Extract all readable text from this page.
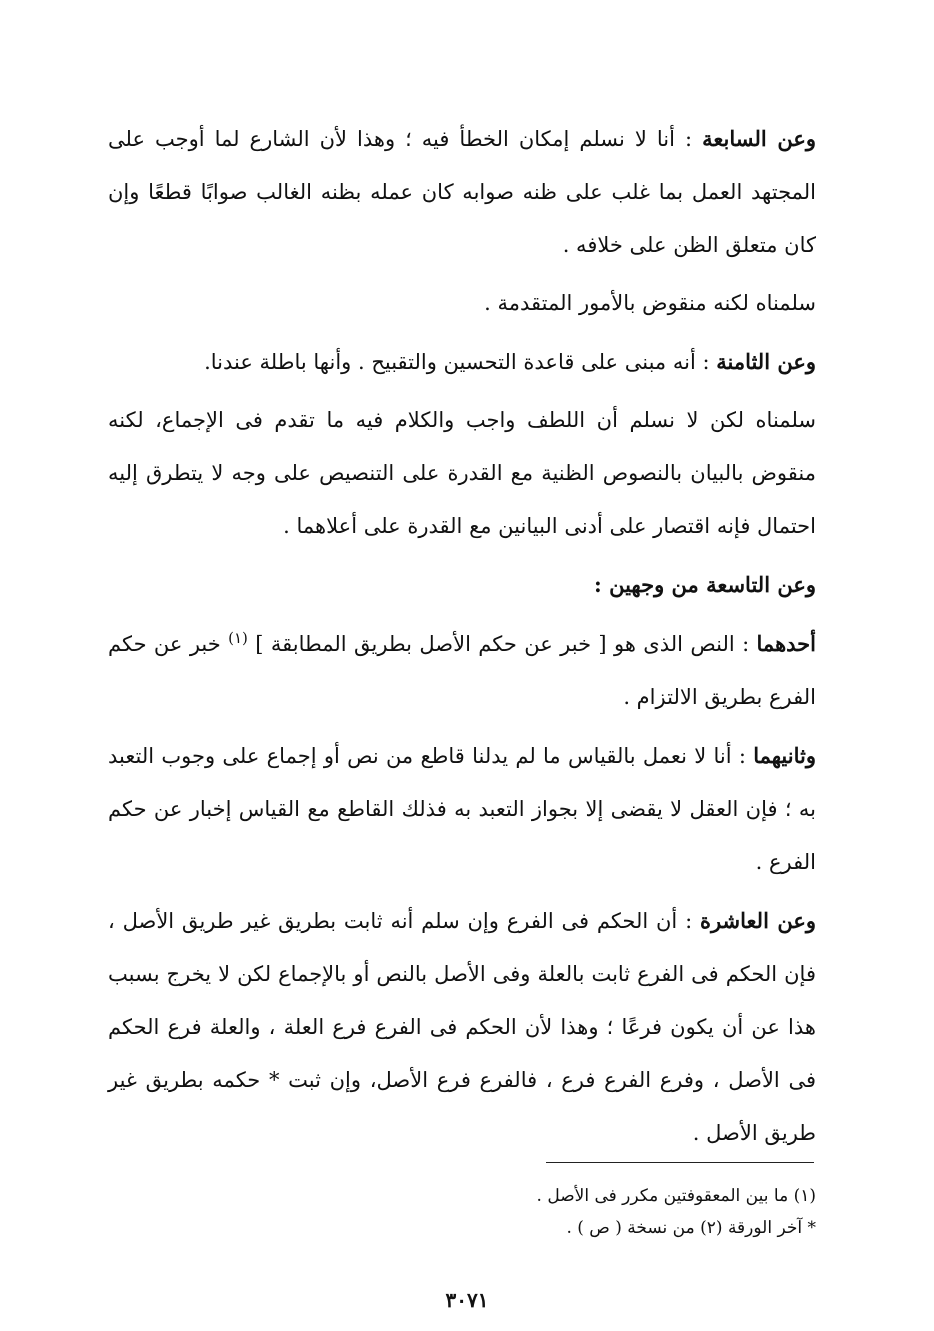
وعن السابعة : أنا لا نسلم إمكان الخطأ فيه ؛ وهذا لأن الشارع لما أوجب على المجتهد العمل بما غلب على ظنه صوابه كان عمله بظنه الغالب صوابًا قطعًا وإن كان متعلق الظن على خلافه .

سلمناه لكنه منقوض بالأمور المتقدمة .

وعن الثامنة : أنه مبنى على قاعدة التحسين والتقبيح . وأنها باطلة عندنا.

سلمناه لكن لا نسلم أن اللطف واجب والكلام فيه ما تقدم فى الإجماع، لكنه منقوض بالبيان بالنصوص الظنية مع القدرة على التنصيص على وجه لا يتطرق إليه احتمال فإنه اقتصار على أدنى البيانين مع القدرة على أعلاهما .

وعن التاسعة من وجهين :

أحدهما : النص الذى هو [ خبر عن حكم الأصل بطريق المطابقة ] $^{(١)}$ خبر عن حكم الفرع بطريق الالتزام .

وثانيهما : أنا لا نعمل بالقياس ما لم يدلنا قاطع من نص أو إجماع على وجوب التعبد به ؛ فإن العقل لا يقضى إلا بجواز التعبد به فذلك القاطع مع القياس إخبار عن حكم الفرع .

وعن العاشرة : أن الحكم فى الفرع وإن سلم أنه ثابت بطريق غير طريق الأصل ، فإن الحكم فى الفرع ثابت بالعلة وفى الأصل بالنص أو بالإجماع لكن لا يخرج بسبب هذا عن أن يكون فرعًا ؛ وهذا لأن الحكم فى الفرع فرع العلة ، والعلة فرع الحكم فى الأصل ، وفرع الفرع فرع ، فالفرع فرع الأصل، وإن ثبت * حكمه بطريق غير طريق الأصل .

(١) ما بين المعقوفتين مكرر فى الأصل .

* آخر الورقة (٢) من نسخة ( ص ) .

٣٠٧١
